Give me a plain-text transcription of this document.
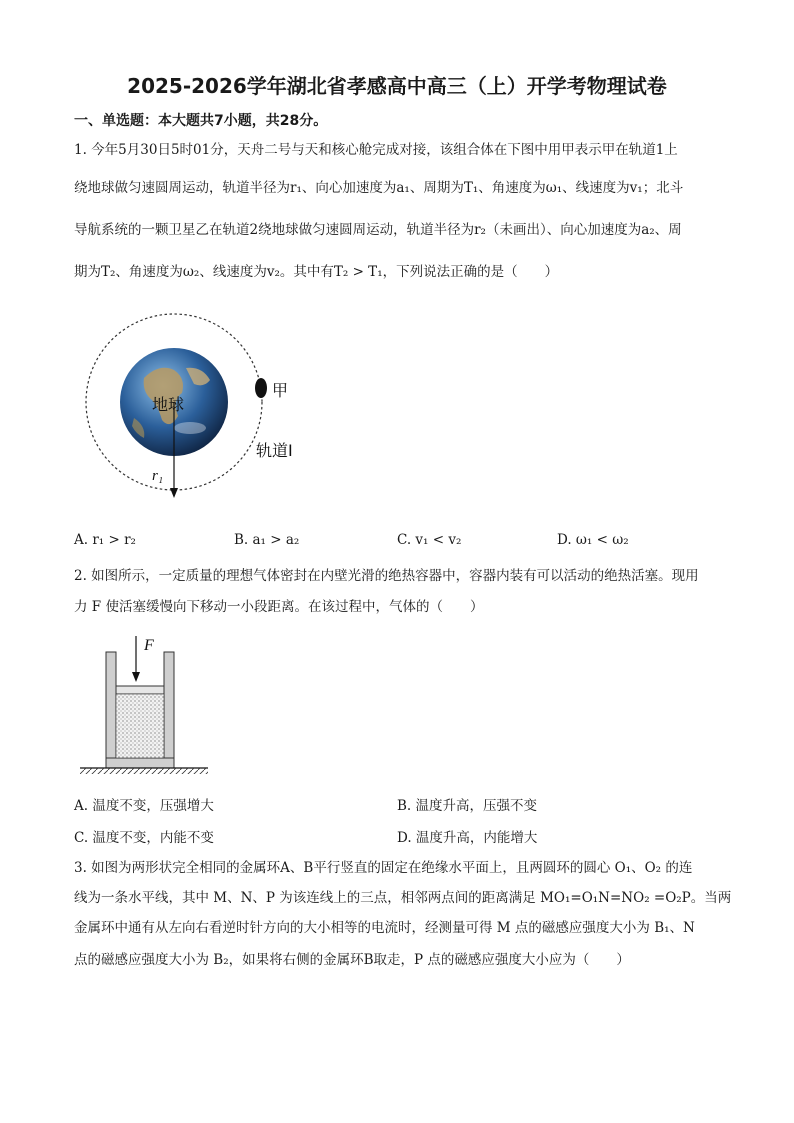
2025-2026学年湖北省孝感高中高三（上）开学考物理试卷
一、单选题：本大题共7小题，共28分。
1. 今年5月30日5时01分，天舟二号与天和核心舱完成对接，该组合体在下图中用甲表示甲在轨道1上
绕地球做匀速圆周运动，轨道半径为r₁、向心加速度为a₁、周期为T₁、角速度为ω₁、线速度为v₁；北斗
导航系统的一颗卫星乙在轨道2绕地球做匀速圆周运动，轨道半径为r₂（未画出）、向心加速度为a₂、周
期为T₂、角速度为ω₂、线速度为v₂。其中有T₂ > T₁，下列说法正确的是（　　）
地球
甲
轨道I
r₁
A. r₁ > r₂	B. a₁ > a₂	C. v₁ < v₂	D. ω₁ < ω₂
2. 如图所示，一定质量的理想气体密封在内壁光滑的绝热容器中，容器内装有可以活动的绝热活塞。现用
力 F 使活塞缓慢向下移动一小段距离。在该过程中，气体的（　　）
F
A. 温度不变，压强增大	B. 温度升高，压强不变
C. 温度不变，内能不变	D. 温度升高，内能增大
3. 如图为两形状完全相同的金属环A、B平行竖直的固定在绝缘水平面上，且两圆环的圆心 O₁、O₂ 的连
线为一条水平线，其中 M、N、P 为该连线上的三点，相邻两点间的距离满足 MO₁=O₁N=NO₂ =O₂P。当两
金属环中通有从左向右看逆时针方向的大小相等的电流时，经测量可得 M 点的磁感应强度大小为 B₁、N
点的磁感应强度大小为 B₂，如果将右侧的金属环B取走，P 点的磁感应强度大小应为（　　）
